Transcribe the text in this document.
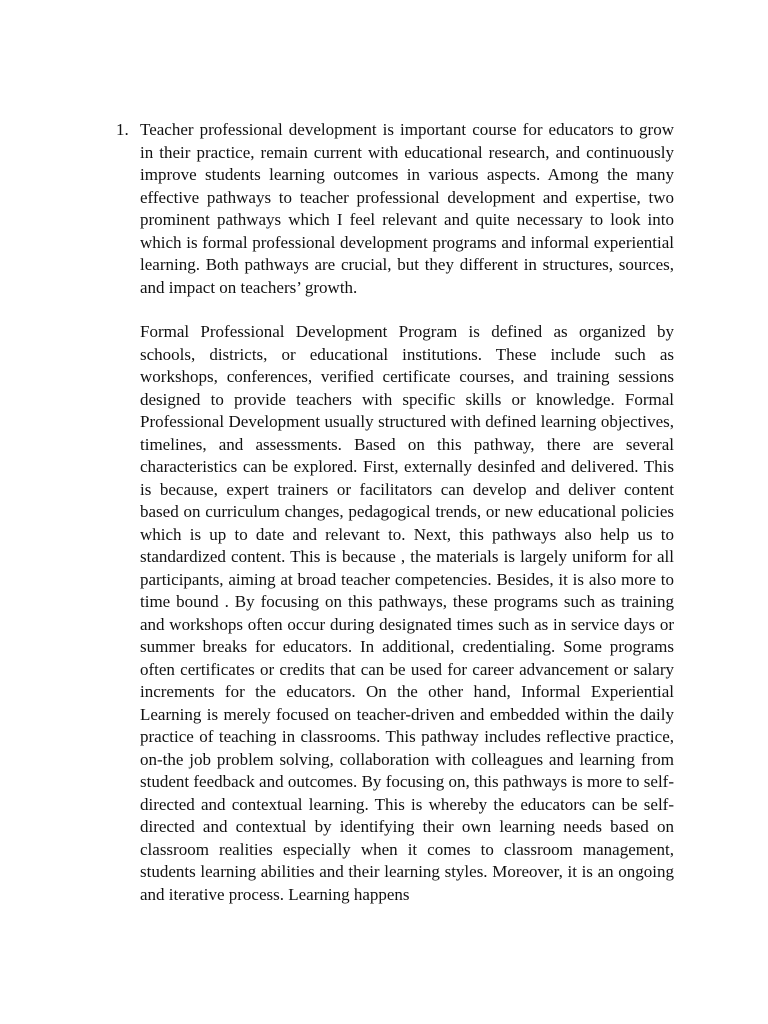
1. Teacher professional development is important course for educators to grow in their practice, remain current with educational research, and continuously improve students learning outcomes in various aspects. Among the many effective pathways to teacher professional development and expertise, two prominent pathways which I feel relevant and quite necessary to look into which is formal professional development programs and informal experiential learning. Both pathways are crucial, but they different in structures, sources, and impact on teachers’ growth.

Formal Professional Development Program is defined as organized by schools, districts, or educational institutions. These include such as workshops, conferences, verified certificate courses, and training sessions designed to provide teachers with specific skills or knowledge. Formal Professional Development usually structured with defined learning objectives, timelines, and assessments. Based on this pathway, there are several characteristics can be explored. First, externally desinfed and delivered. This is because, expert trainers or facilitators can develop and deliver content based on curriculum changes, pedagogical trends, or new educational policies which is up to date and relevant to. Next, this pathways also help us to standardized content. This is because , the materials is largely uniform for all participants, aiming at broad teacher competencies. Besides, it is also more to time bound . By focusing on this pathways, these programs such as training and workshops often occur during designated times such as in service days or summer breaks for educators. In additional, credentialing. Some programs often certificates or credits that can be used for career advancement or salary increments for the educators. On the other hand, Informal Experiential Learning is merely focused on teacher-driven and embedded within the daily practice of teaching in classrooms. This pathway includes reflective practice, on-the job problem solving, collaboration with colleagues and learning from student feedback and outcomes. By focusing on, this pathways is more to self-directed and contextual learning. This is whereby the educators can be self-directed and contextual by identifying their own learning needs based on classroom realities especially when it comes to classroom management, students learning abilities and their learning styles. Moreover, it is an ongoing and iterative process. Learning happens
